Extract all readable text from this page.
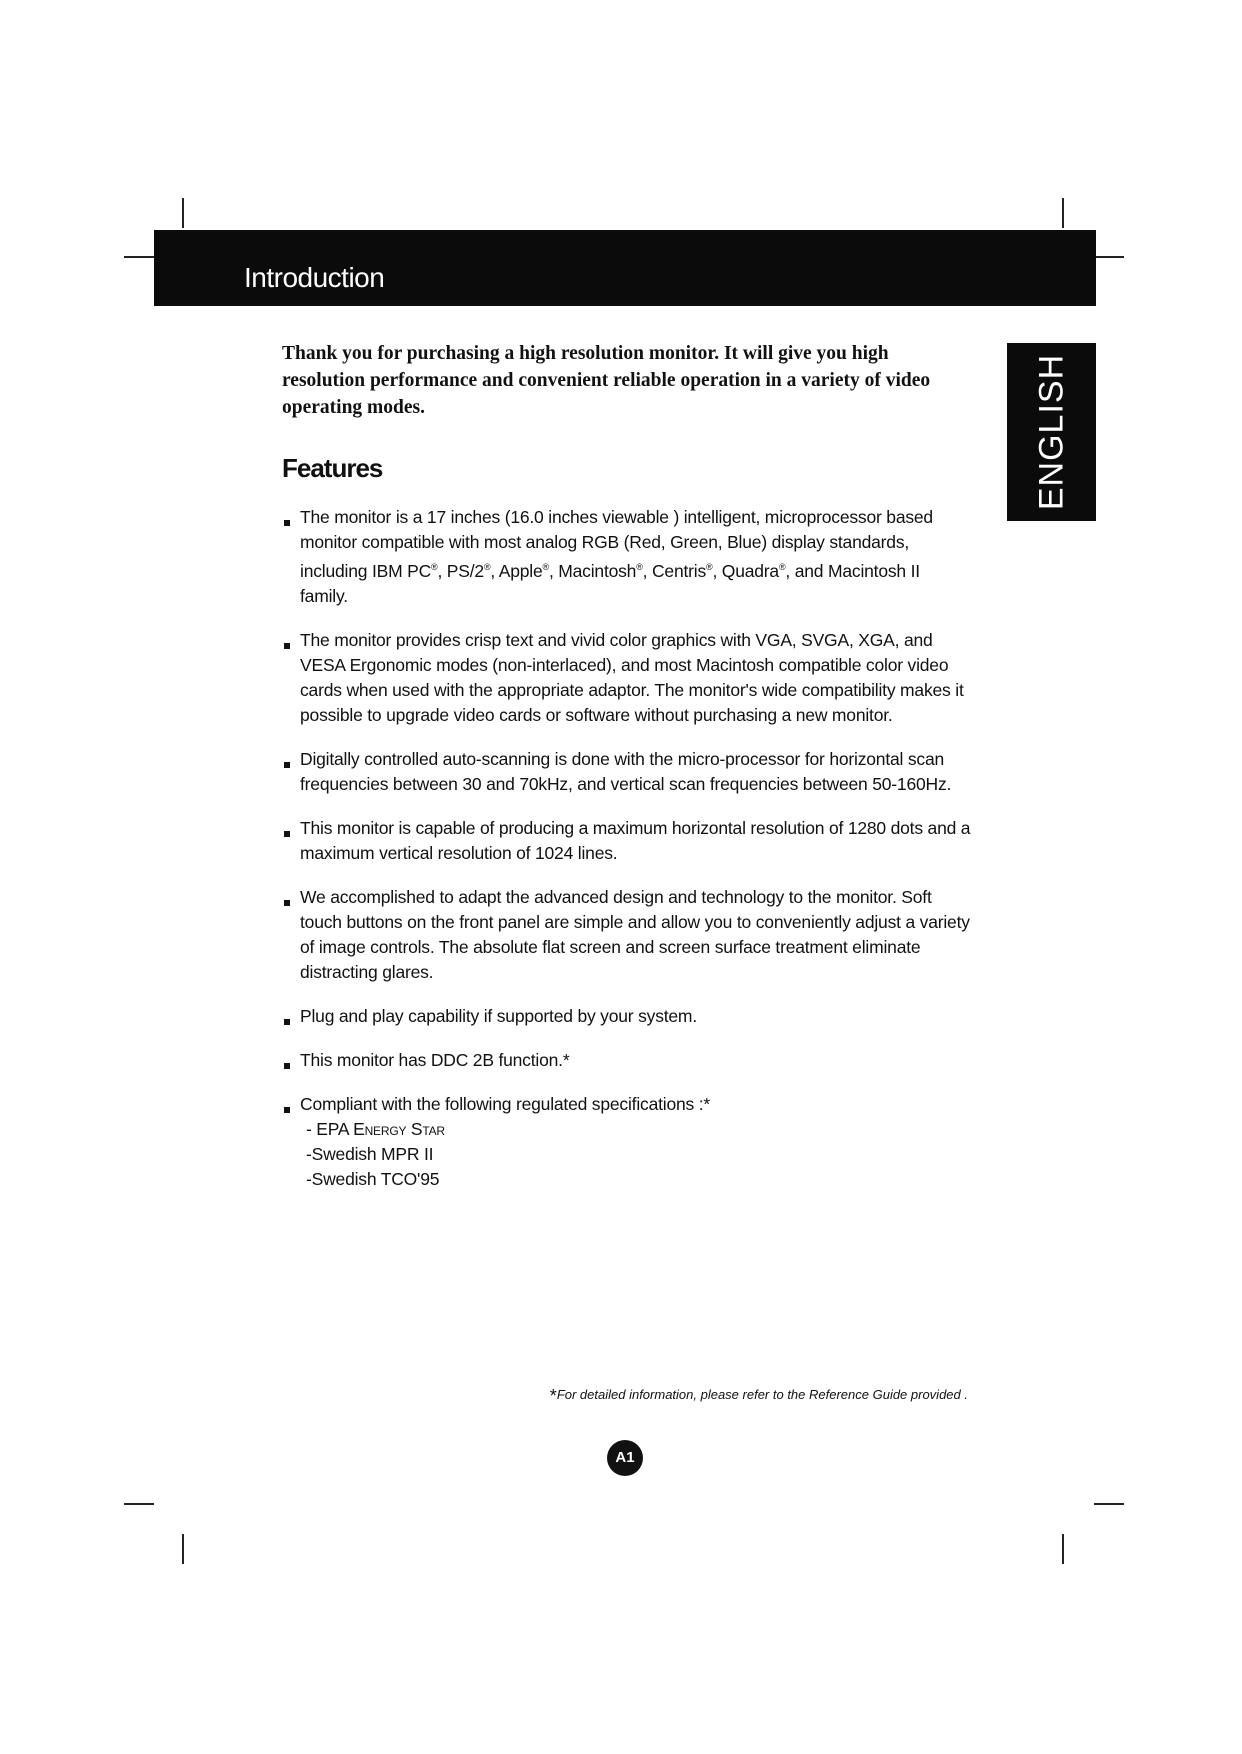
Introduction
ENGLISH

Thank you for purchasing a high resolution monitor. It will give you high resolution performance and convenient reliable operation in a variety of video operating modes.

Features
The monitor is a 17 inches (16.0 inches viewable ) intelligent, microprocessor based monitor compatible with most analog RGB (Red, Green, Blue) display standards, including IBM PC®, PS/2®, Apple®, Macintosh®, Centris®, Quadra®, and Macintosh II family.
The monitor provides crisp text and vivid color graphics with VGA, SVGA, XGA, and VESA Ergonomic modes (non-interlaced), and most Macintosh compatible color video cards when used with the appropriate adaptor. The monitor's wide compatibility makes it possible to upgrade video cards or software without purchasing a new monitor.
Digitally controlled auto-scanning is done with the micro-processor for horizontal scan frequencies between 30 and 70kHz, and vertical scan frequencies between 50-160Hz.
This monitor is capable of producing a maximum horizontal resolution of 1280 dots and a maximum vertical resolution of 1024 lines.
We accomplished to adapt the advanced design and technology to the monitor. Soft touch buttons on the front panel are simple and allow you to conveniently adjust a variety of image controls. The absolute flat screen and screen surface treatment eliminate distracting glares.
Plug and play capability if supported by your system.
This monitor has DDC 2B function.*
Compliant with the following regulated specifications :*
- EPA Energy Star
-Swedish MPR II
-Swedish TCO'95
*For detailed information, please refer to the Reference Guide provided .
A1
